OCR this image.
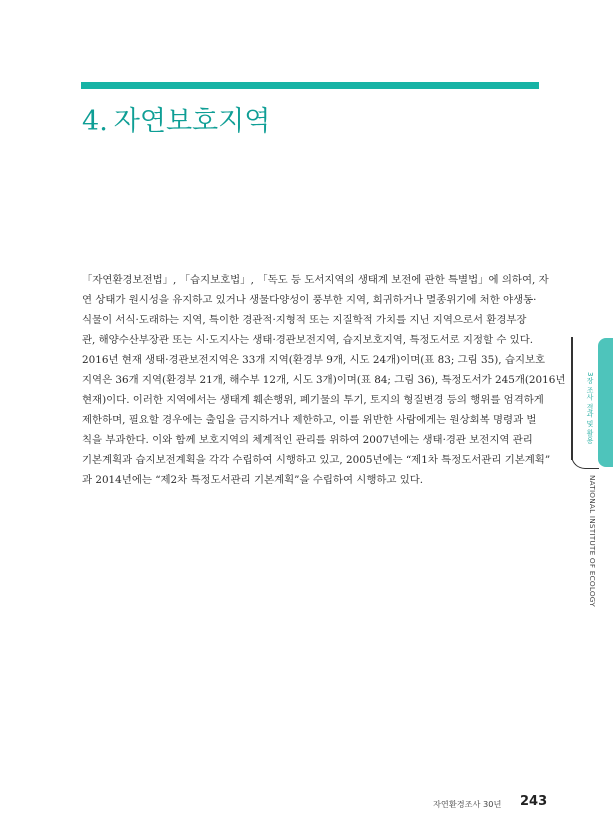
4. 자연보호지역
「자연환경보전법」, 「습지보호법」, 「독도 등 도서지역의 생태계 보전에 관한 특별법」에 의하여, 자
연 상태가 원시성을 유지하고 있거나 생물다양성이 풍부한 지역, 희귀하거나 멸종위기에 처한 야생동·
식물이 서식·도래하는 지역, 특이한 경관적·지형적 또는 지질학적 가치를 지닌 지역으로서 환경부장
관, 해양수산부장관 또는 시·도지사는 생태·경관보전지역, 습지보호지역, 특정도서로 지정할 수 있다.
2016년 현재 생태·경관보전지역은 33개 지역(환경부 9개, 시도 24개)이며(표 83; 그림 35), 습지보호
지역은 36개 지역(환경부 21개, 해수부 12개, 시도 3개)이며(표 84; 그림 36), 특정도서가 245개(2016년
현재)이다. 이러한 지역에서는 생태계 훼손행위, 폐기물의 투기, 토지의 형질변경 등의 행위를 엄격하게
제한하며, 필요할 경우에는 출입을 금지하거나 제한하고, 이를 위반한 사람에게는 원상회복 명령과 벌
칙을 부과한다. 이와 함께 보호지역의 체계적인 관리를 위하여 2007년에는 생태·경관 보전지역 관리
기본계획과 습지보전계획을 각각 수립하여 시행하고 있고, 2005년에는 “제1차 특정도서관리 기본계획”
과 2014년에는 “제2차 특정도서관리 기본계획”을 수립하여 시행하고 있다.
3장 조사 결과 및 활용
NATIONAL INSTITUTE OF ECOLOGY
자연환경조사 30년 243
